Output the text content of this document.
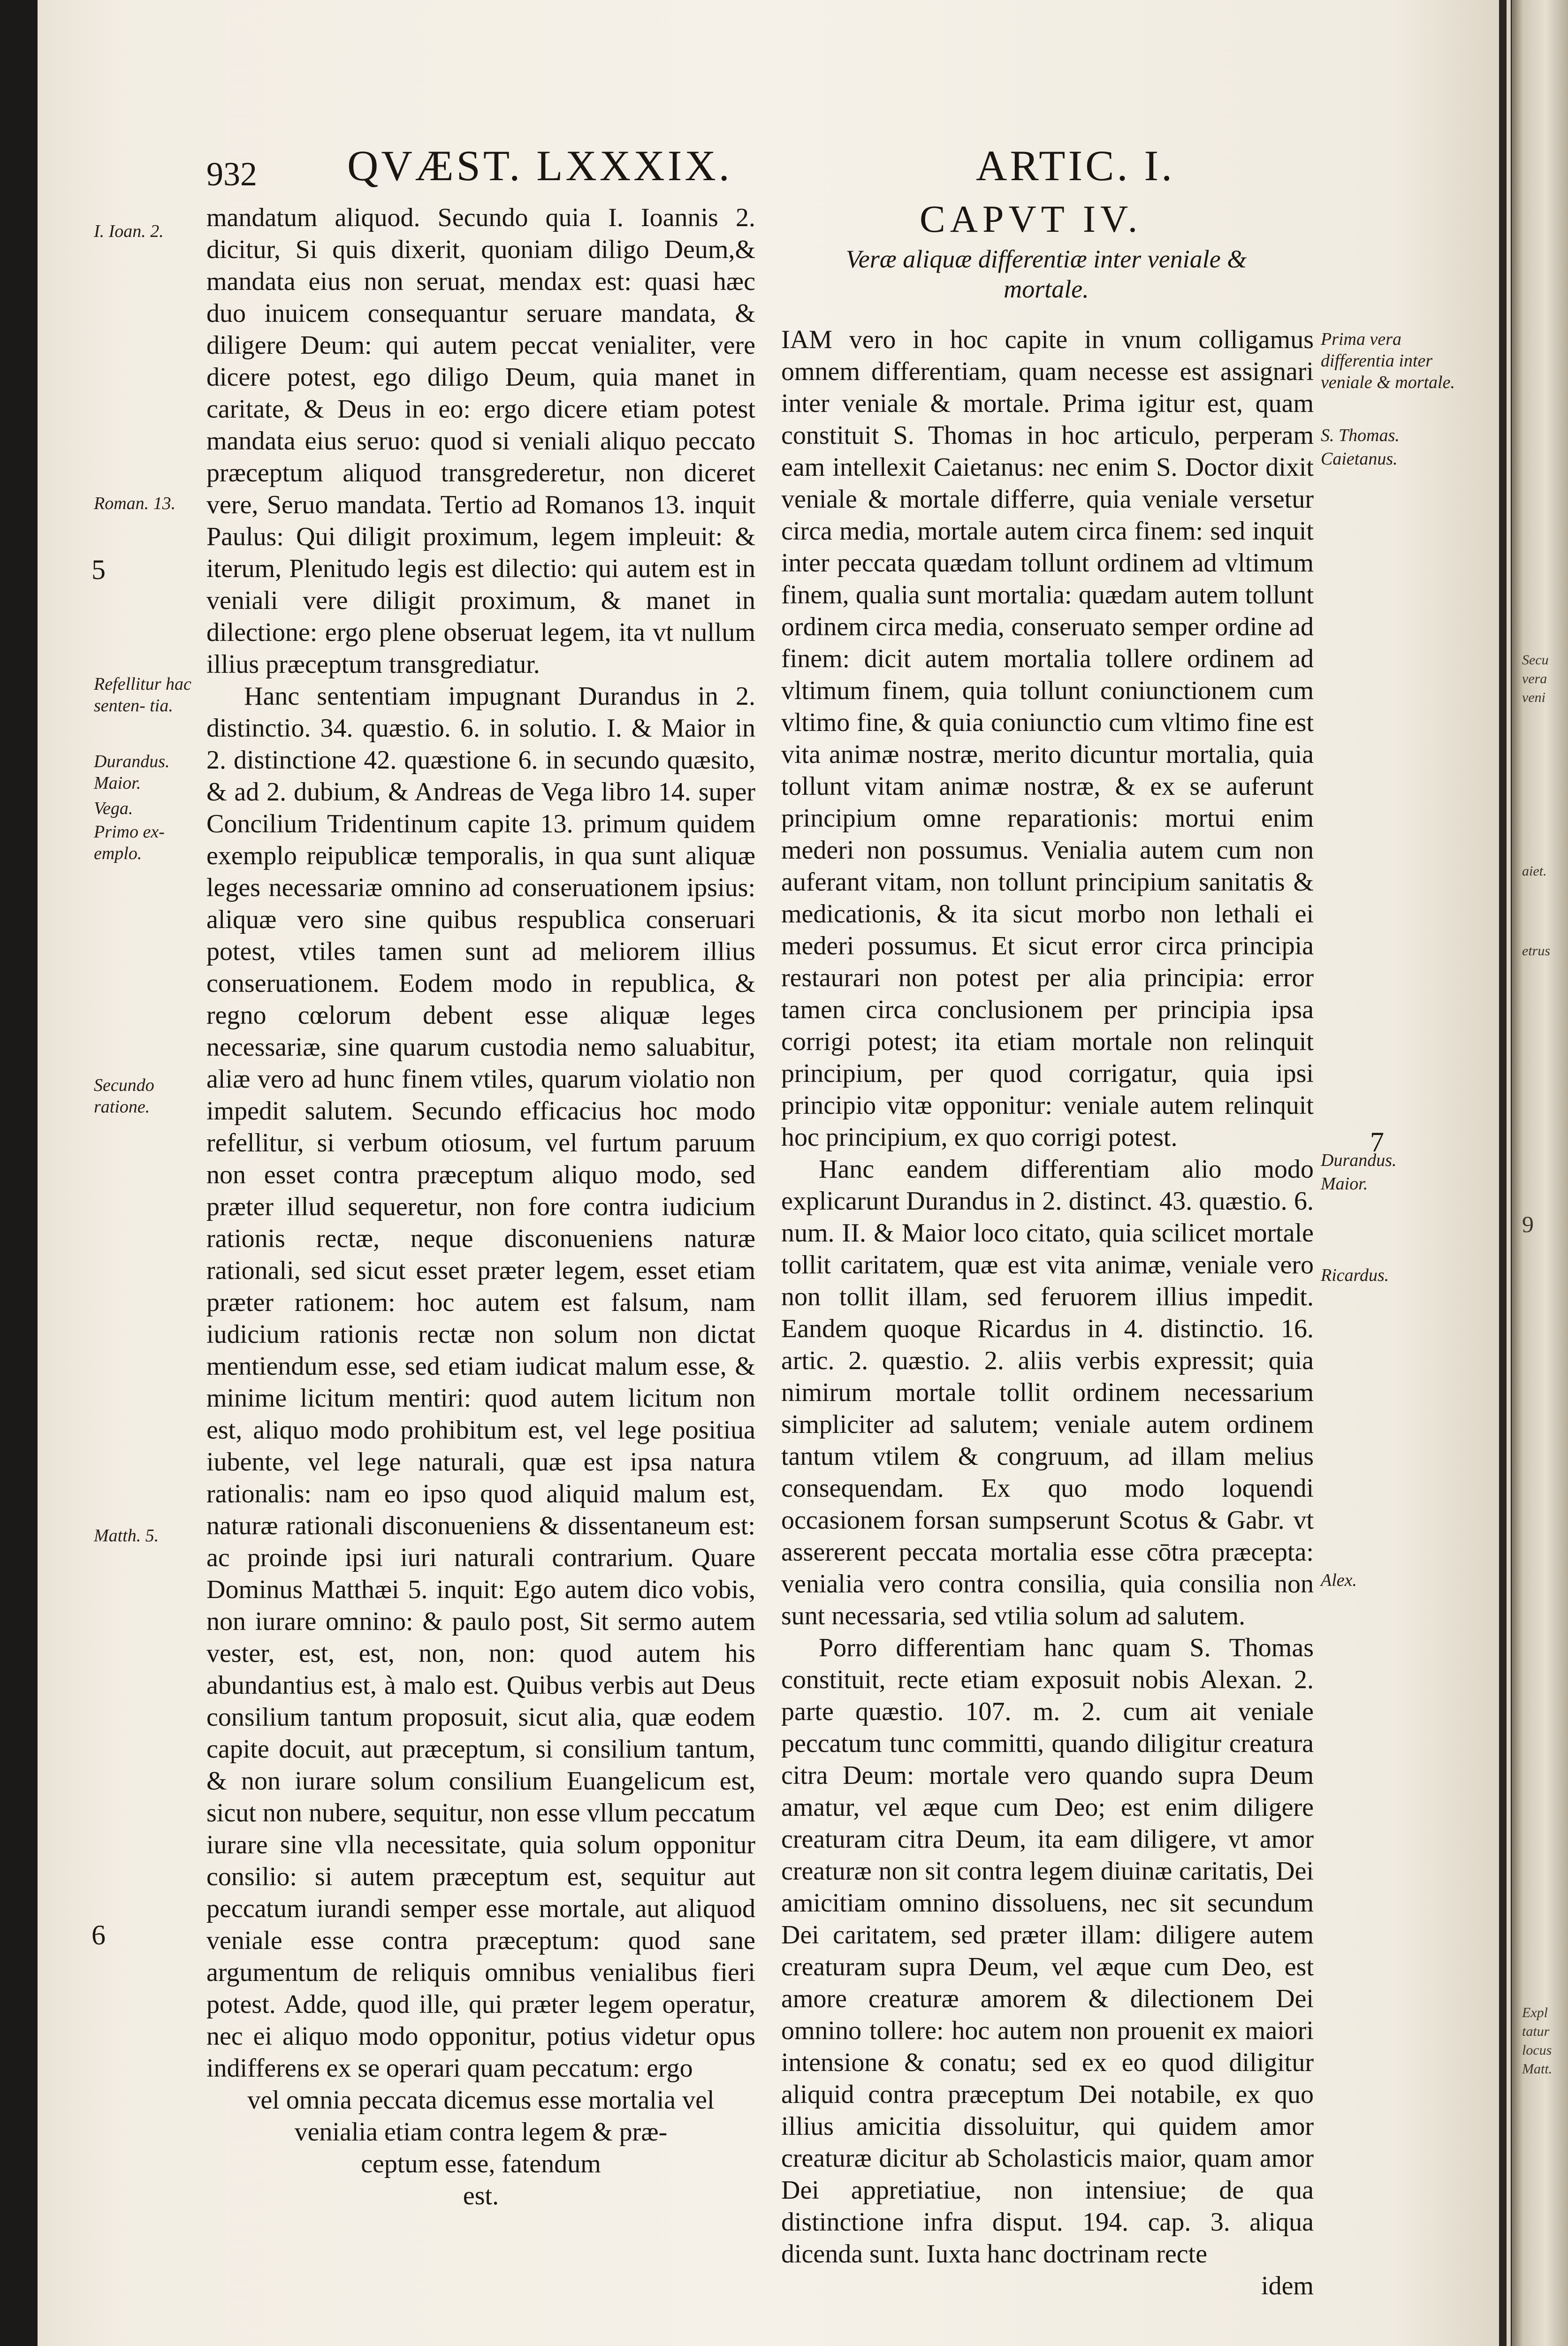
Secu
vera
veni
aiet.
etrus
9
Expl tatur locus Matt.
932 QVÆST. LXXXIX.	ARTIC. I.
I. Ioan. 2.
Roman. 13.
Refellitur hac senten- tia.
Durandus. Maior.
Vega.
Primo ex- emplo.
Secundo ratione.
Matth. 5.
5
6
7
Prima vera differentia inter veniale & mortale.
S. Thomas.
Caietanus.
Durandus.
Maior.
Ricardus.
Alex.

mandatum aliquod. Secundo quia I. Ioannis 2. dicitur, Si quis dixerit, quoniam diligo Deum,& mandata eius non seruat, mendax est: quasi hæc duo inuicem consequantur seruare mandata, & diligere Deum: qui autem peccat venialiter, vere dicere potest, ego diligo Deum, quia manet in caritate, & Deus in eo: ergo dicere etiam potest mandata eius seruo: quod si veniali aliquo peccato præceptum aliquod transgrederetur, non diceret vere, Seruo mandata. Tertio ad Romanos 13. inquit Paulus: Qui diligit proximum, legem impleuit: & iterum, Plenitudo legis est dilectio: qui autem est in veniali vere diligit proximum, & manet in dilectione: ergo plene obseruat legem, ita vt nullum illius præceptum transgrediatur.

Hanc sententiam impugnant Durandus in 2. distinctio. 34. quæstio. 6. in solutio. I. & Maior in 2. distinctione 42. quæstione 6. in secundo quæsito, & ad 2. dubium, & Andreas de Vega libro 14. super Concilium Tridentinum capite 13. primum quidem exemplo reipublicæ temporalis, in qua sunt aliquæ leges necessariæ omnino ad conseruationem ipsius: aliquæ vero sine quibus respublica conseruari potest, vtiles tamen sunt ad meliorem illius conseruationem. Eodem modo in republica, & regno cœlorum debent esse aliquæ leges necessariæ, sine quarum custodia nemo saluabitur, aliæ vero ad hunc finem vtiles, quarum violatio non impedit salutem. Secundo efficacius hoc modo refellitur, si verbum otiosum, vel furtum paruum non esset contra præceptum aliquo modo, sed præter illud sequeretur, non fore contra iudicium rationis rectæ, neque disconueniens naturæ rationali, sed sicut esset præter legem, esset etiam præter rationem: hoc autem est falsum, nam iudicium rationis rectæ non solum non dictat mentiendum esse, sed etiam iudicat malum esse, & minime licitum mentiri: quod autem licitum non est, aliquo modo prohibitum est, vel lege positiua iubente, vel lege naturali, quæ est ipsa natura rationalis: nam eo ipso quod aliquid malum est, naturæ rationali disconueniens & dissentaneum est: ac proinde ipsi iuri naturali contrarium. Quare Dominus Matthæi 5. inquit: Ego autem dico vobis, non iurare omnino: & paulo post, Sit sermo autem vester, est, est, non, non: quod autem his abundantius est, à malo est. Quibus verbis aut Deus consilium tantum proposuit, sicut alia, quæ eodem capite docuit, aut præceptum, si consilium tantum, & non iurare solum consilium Euangelicum est, sicut non nubere, sequitur, non esse vllum peccatum iurare sine vlla necessitate, quia solum opponitur consilio: si autem præceptum est, sequitur aut peccatum iurandi semper esse mortale, aut aliquod veniale esse contra præceptum: quod sane argumentum de reliquis omnibus venialibus fieri potest. Adde, quod ille, qui præter legem operatur, nec ei aliquo modo opponitur, potius videtur opus indifferens ex se operari quam peccatum: ergo

vel omnia peccata dicemus esse mortalia vel
venialia etiam contra legem & præ-
ceptum esse, fatendum
est.
CAPVT IV.
Veræ aliquæ differentiæ inter veniale & mortale.

IAM vero in hoc capite in vnum colligamus omnem differentiam, quam necesse est assignari inter veniale & mortale. Prima igitur est, quam constituit S. Thomas in hoc articulo, perperam eam intellexit Caietanus: nec enim S. Doctor dixit veniale & mortale differre, quia veniale versetur circa media, mortale autem circa finem: sed inquit inter peccata quædam tollunt ordinem ad vltimum finem, qualia sunt mortalia: quædam autem tollunt ordinem circa media, conseruato semper ordine ad finem: dicit autem mortalia tollere ordinem ad vltimum finem, quia tollunt coniunctionem cum vltimo fine, & quia coniunctio cum vltimo fine est vita animæ nostræ, merito dicuntur mortalia, quia tollunt vitam animæ nostræ, & ex se auferunt principium omne reparationis: mortui enim mederi non possumus. Venialia autem cum non auferant vitam, non tollunt principium sanitatis & medicationis, & ita sicut morbo non lethali ei mederi possumus. Et sicut error circa principia restaurari non potest per alia principia: error tamen circa conclusionem per principia ipsa corrigi potest; ita etiam mortale non relinquit principium, per quod corrigatur, quia ipsi principio vitæ opponitur: veniale autem relinquit hoc principium, ex quo corrigi potest.

Hanc eandem differentiam alio modo explicarunt Durandus in 2. distinct. 43. quæstio. 6. num. II. & Maior loco citato, quia scilicet mortale tollit caritatem, quæ est vita animæ, veniale vero non tollit illam, sed feruorem illius impedit. Eandem quoque Ricardus in 4. distinctio. 16. artic. 2. quæstio. 2. aliis verbis expressit; quia nimirum mortale tollit ordinem necessarium simpliciter ad salutem; veniale autem ordinem tantum vtilem & congruum, ad illam melius consequendam. Ex quo modo loquendi occasionem forsan sumpserunt Scotus & Gabr. vt assererent peccata mortalia esse cōtra præcepta: venialia vero contra consilia, quia consilia non sunt necessaria, sed vtilia solum ad salutem.

Porro differentiam hanc quam S. Thomas constituit, recte etiam exposuit nobis Alexan. 2. parte quæstio. 107. m. 2. cum ait veniale peccatum tunc committi, quando diligitur creatura citra Deum: mortale vero quando supra Deum amatur, vel æque cum Deo; est enim diligere creaturam citra Deum, ita eam diligere, vt amor creaturæ non sit contra legem diuinæ caritatis, Dei amicitiam omnino dissoluens, nec sit secundum Dei caritatem, sed præter illam: diligere autem creaturam supra Deum, vel æque cum Deo, est amore creaturæ amorem & dilectionem Dei omnino tollere: hoc autem non prouenit ex maiori intensione & conatu; sed ex eo quod diligitur aliquid contra præceptum Dei notabile, ex quo illius amicitia dissoluitur, qui quidem amor creaturæ dicitur ab Scholasticis maior, quam amor Dei appretiatiue, non intensiue; de qua distinctione infra disput. 194. cap. 3. aliqua dicenda sunt. Iuxta hanc doctrinam recte

idem
